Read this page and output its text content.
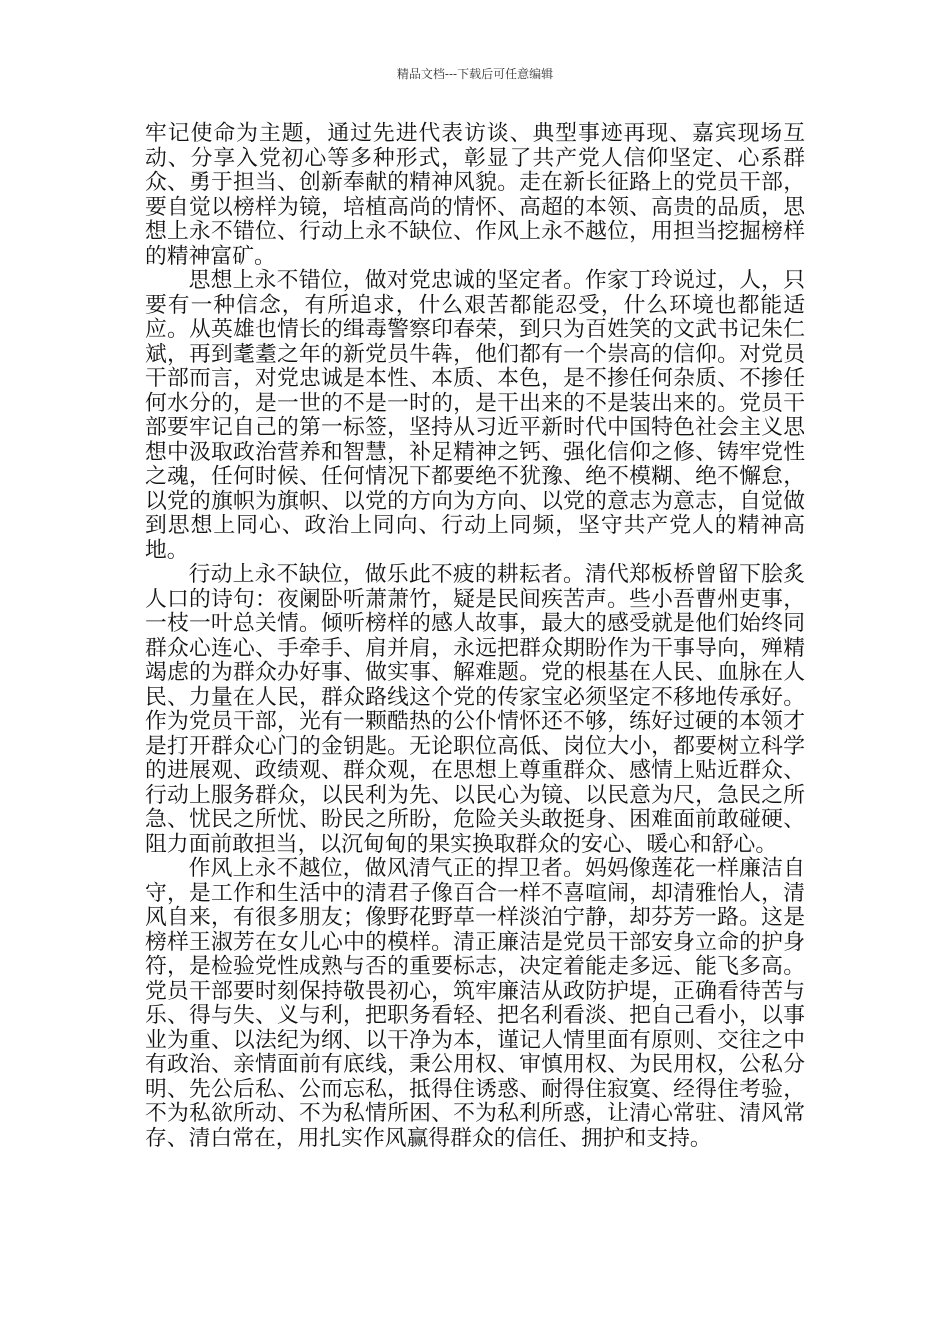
精品文档---下载后可任意编辑

牢记使命为主题，通过先进代表访谈、典型事迹再现、嘉宾现场互动、分享入党初心等多种形式，彰显了共产党人信仰坚定、心系群众、勇于担当、创新奉献的精神风貌。走在新长征路上的党员干部，要自觉以榜样为镜，培植高尚的情怀、高超的本领、高贵的品质，思想上永不错位、行动上永不缺位、作风上永不越位，用担当挖掘榜样的精神富矿。

思想上永不错位，做对党忠诚的坚定者。作家丁玲说过，人，只要有一种信念，有所追求，什么艰苦都能忍受，什么环境也都能适应。从英雄也情长的缉毒警察印春荣，到只为百姓笑的文武书记朱仁斌，再到耄耋之年的新党员牛犇，他们都有一个崇高的信仰。对党员干部而言，对党忠诚是本性、本质、本色，是不掺任何杂质、不掺任何水分的，是一世的不是一时的，是干出来的不是装出来的。党员干部要牢记自己的第一标签，坚持从习近平新时代中国特色社会主义思想中汲取政治营养和智慧，补足精神之钙、强化信仰之修、铸牢党性之魂，任何时候、任何情况下都要绝不犹豫、绝不模糊、绝不懈怠，以党的旗帜为旗帜、以党的方向为方向、以党的意志为意志，自觉做到思想上同心、政治上同向、行动上同频，坚守共产党人的精神高地。

行动上永不缺位，做乐此不疲的耕耘者。清代郑板桥曾留下脍炙人口的诗句：夜阑卧听萧萧竹，疑是民间疾苦声。些小吾曹州吏事，一枝一叶总关情。倾听榜样的感人故事，最大的感受就是他们始终同群众心连心、手牵手、肩并肩，永远把群众期盼作为干事导向，殚精竭虑的为群众办好事、做实事、解难题。党的根基在人民、血脉在人民、力量在人民，群众路线这个党的传家宝必须坚定不移地传承好。作为党员干部，光有一颗酷热的公仆情怀还不够，练好过硬的本领才是打开群众心门的金钥匙。无论职位高低、岗位大小，都要树立科学的进展观、政绩观、群众观，在思想上尊重群众、感情上贴近群众、行动上服务群众，以民利为先、以民心为镜、以民意为尺，急民之所急、忧民之所忧、盼民之所盼，危险关头敢挺身、困难面前敢碰硬、阻力面前敢担当，以沉甸甸的果实换取群众的安心、暖心和舒心。

作风上永不越位，做风清气正的捍卫者。妈妈像莲花一样廉洁自守，是工作和生活中的清君子像百合一样不喜喧闹，却清雅怡人，清风自来，有很多朋友；像野花野草一样淡泊宁静，却芬芳一路。这是榜样王淑芳在女儿心中的模样。清正廉洁是党员干部安身立命的护身符，是检验党性成熟与否的重要标志，决定着能走多远、能飞多高。党员干部要时刻保持敬畏初心，筑牢廉洁从政防护堤，正确看待苦与乐、得与失、义与利，把职务看轻、把名利看淡、把自己看小，以事业为重、以法纪为纲、以干净为本，谨记人情里面有原则、交往之中有政治、亲情面前有底线，秉公用权、审慎用权、为民用权，公私分明、先公后私、公而忘私，抵得住诱惑、耐得住寂寞、经得住考验，不为私欲所动、不为私情所困、不为私利所惑，让清心常驻、清风常存、清白常在，用扎实作风赢得群众的信任、拥护和支持。
